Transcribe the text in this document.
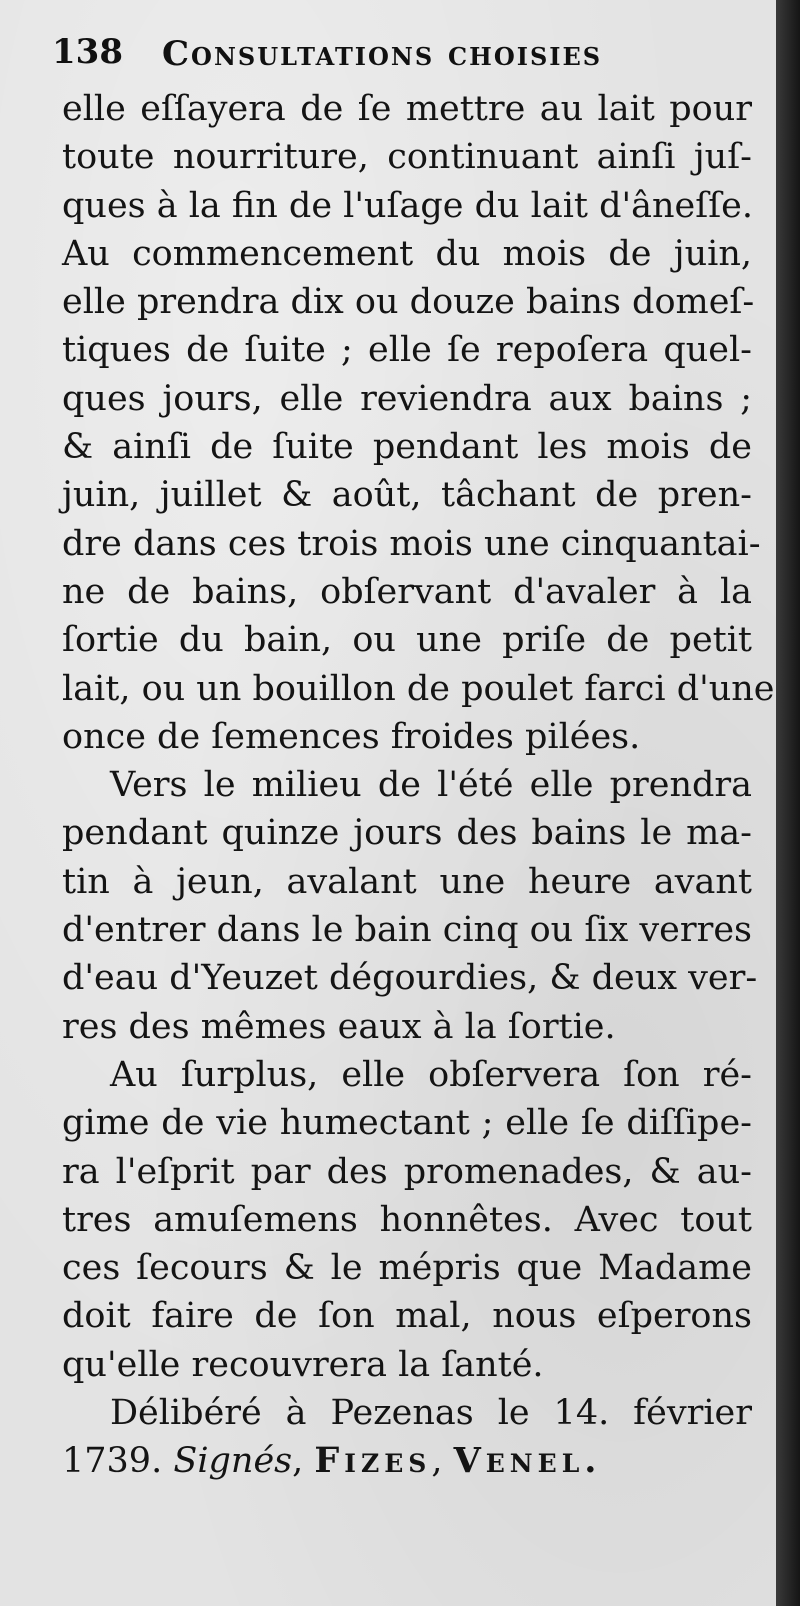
138 Consultations choisies
elle eſſayera de ſe mettre au lait pour
toute nourriture, continuant ainſi juſ-
ques à la fin de l'uſage du lait d'âneſſe.
Au commencement du mois de juin,
elle prendra dix ou douze bains domeſ-
tiques de ſuite ; elle ſe repoſera quel-
ques jours, elle reviendra aux bains ;
& ainſi de ſuite pendant les mois de
juin, juillet & août, tâchant de pren-
dre dans ces trois mois une cinquantai-
ne de bains, obſervant d'avaler à la
ſortie du bain, ou une priſe de petit
lait, ou un bouillon de poulet farci d'une
once de ſemences froides pilées.
Vers le milieu de l'été elle prendra
pendant quinze jours des bains le ma-
tin à jeun, avalant une heure avant
d'entrer dans le bain cinq ou ſix verres
d'eau d'Yeuzet dégourdies, & deux ver-
res des mêmes eaux à la ſortie.
Au ſurplus, elle obſervera ſon ré-
gime de vie humectant ; elle ſe diſſipe-
ra l'eſprit par des promenades, & au-
tres amuſemens honnêtes. Avec tout
ces ſecours & le mépris que Madame
doit faire de ſon mal, nous eſperons
qu'elle recouvrera la ſanté.
Délibéré à Pezenas le 14. février
1739. Signés, Fizes, Venel.
